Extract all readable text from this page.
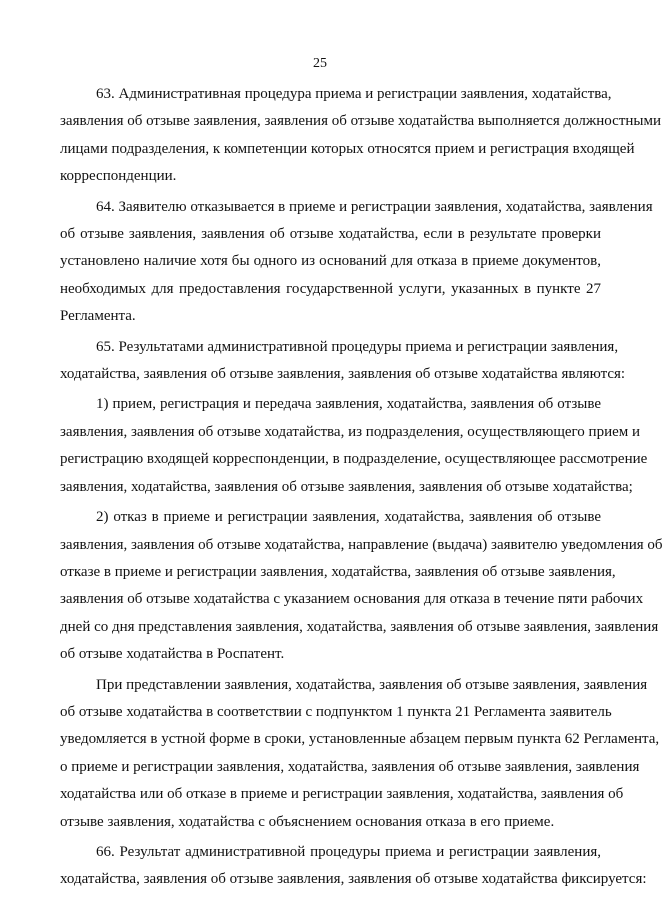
25
63. Административная процедура приема и регистрации заявления, ходатайства,
заявления об отзыве заявления, заявления об отзыве ходатайства выполняется должностными
лицами подразделения, к компетенции которых относятся прием и регистрация входящей
корреспонденции.
64. Заявителю отказывается в приеме и регистрации заявления, ходатайства, заявления
об отзыве заявления, заявления об отзыве ходатайства, если в результате проверки
установлено наличие хотя бы одного из оснований для отказа в приеме документов,
необходимых для предоставления государственной услуги, указанных в пункте 27
Регламента.
65. Результатами административной процедуры приема и регистрации заявления,
ходатайства, заявления об отзыве заявления, заявления об отзыве ходатайства являются:
1) прием, регистрация и передача заявления, ходатайства, заявления об отзыве
заявления, заявления об отзыве ходатайства, из подразделения, осуществляющего прием и
регистрацию входящей корреспонденции, в подразделение, осуществляющее рассмотрение
заявления, ходатайства, заявления об отзыве заявления, заявления об отзыве ходатайства;
2) отказ в приеме и регистрации заявления, ходатайства, заявления об отзыве
заявления, заявления об отзыве ходатайства, направление (выдача) заявителю уведомления об
отказе в приеме и регистрации заявления, ходатайства, заявления об отзыве заявления,
заявления об отзыве ходатайства с указанием основания для отказа в течение пяти рабочих
дней со дня представления заявления, ходатайства, заявления об отзыве заявления, заявления
об отзыве ходатайства в Роспатент.
При представлении заявления, ходатайства, заявления об отзыве заявления, заявления
об отзыве ходатайства в соответствии с подпунктом 1 пункта 21 Регламента заявитель
уведомляется в устной форме в сроки, установленные абзацем первым пункта 62 Регламента,
о приеме и регистрации заявления, ходатайства, заявления об отзыве заявления, заявления
ходатайства или об отказе в приеме и регистрации заявления, ходатайства, заявления об
отзыве заявления, ходатайства с объяснением основания отказа в его приеме.
66. Результат административной процедуры приема и регистрации заявления,
ходатайства, заявления об отзыве заявления, заявления об отзыве ходатайства фиксируется:
